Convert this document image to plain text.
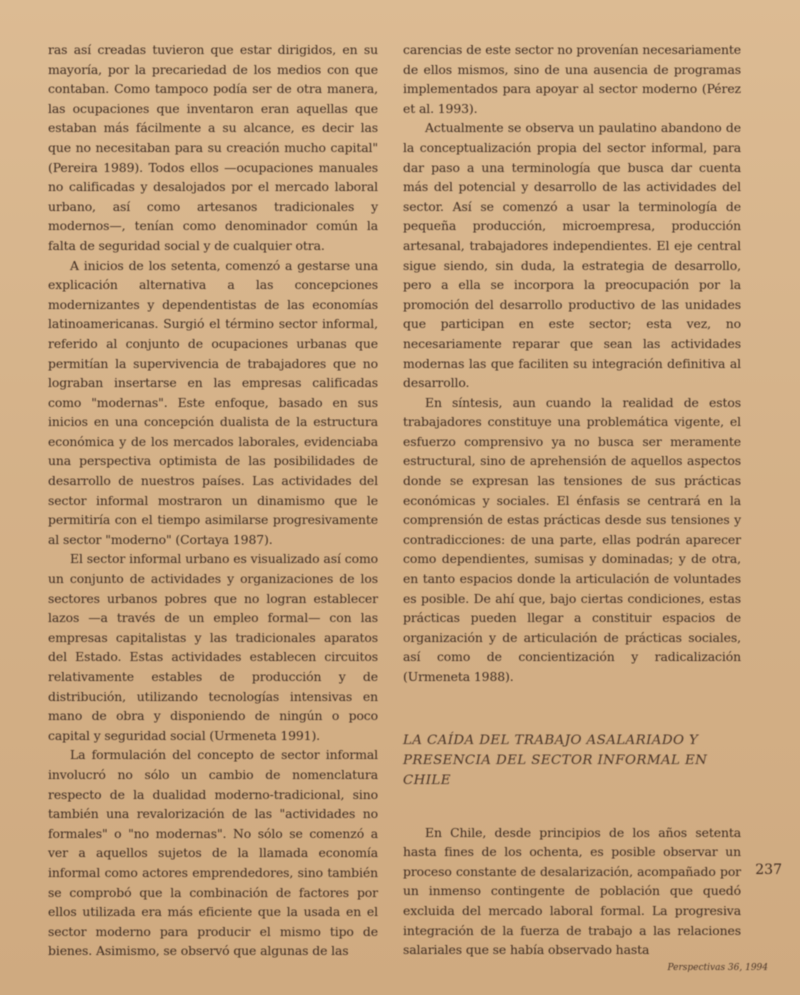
ras así creadas tuvieron que estar dirigidos, en su mayoría, por la precariedad de los medios con que contaban. Como tampoco podía ser de otra manera, las ocupaciones que inventaron eran aquellas que estaban más fácilmente a su alcance, es decir las que no necesitaban para su creación mucho capital" (Pereira 1989). Todos ellos —ocupaciones manuales no calificadas y desalojados por el mercado laboral urbano, así como artesanos tradicionales y modernos—, tenían como denominador común la falta de seguridad social y de cualquier otra.

A inicios de los setenta, comenzó a gestarse una explicación alternativa a las concepciones modernizantes y dependentistas de las economías latinoamericanas. Surgió el término sector informal, referido al conjunto de ocupaciones urbanas que permitían la supervivencia de trabajadores que no lograban insertarse en las empresas calificadas como "modernas". Este enfoque, basado en sus inicios en una concepción dualista de la estructura económica y de los mercados laborales, evidenciaba una perspectiva optimista de las posibilidades de desarrollo de nuestros países. Las actividades del sector informal mostraron un dinamismo que le permitiría con el tiempo asimilarse progresivamente al sector "moderno" (Cortaya 1987).

El sector informal urbano es visualizado así como un conjunto de actividades y organizaciones de los sectores urbanos pobres que no logran establecer lazos —a través de un empleo formal— con las empresas capitalistas y las tradicionales aparatos del Estado. Estas actividades establecen circuitos relativamente estables de producción y de distribución, utilizando tecnologías intensivas en mano de obra y disponiendo de ningún o poco capital y seguridad social (Urmeneta 1991).

La formulación del concepto de sector informal involucró no sólo un cambio de nomenclatura respecto de la dualidad moderno-tradicional, sino también una revalorización de las "actividades no formales" o "no modernas". No sólo se comenzó a ver a aquellos sujetos de la llamada economía informal como actores emprendedores, sino también se comprobó que la combinación de factores por ellos utilizada era más eficiente que la usada en el sector moderno para producir el mismo tipo de bienes. Asimismo, se observó que algunas de las

carencias de este sector no provenían necesariamente de ellos mismos, sino de una ausencia de programas implementados para apoyar al sector moderno (Pérez et al. 1993).

Actualmente se observa un paulatino abandono de la conceptualización propia del sector informal, para dar paso a una terminología que busca dar cuenta más del potencial y desarrollo de las actividades del sector. Así se comenzó a usar la terminología de pequeña producción, microempresa, producción artesanal, trabajadores independientes. El eje central sigue siendo, sin duda, la estrategia de desarrollo, pero a ella se incorpora la preocupación por la promoción del desarrollo productivo de las unidades que participan en este sector; esta vez, no necesariamente reparar que sean las actividades modernas las que faciliten su integración definitiva al desarrollo.

En síntesis, aun cuando la realidad de estos trabajadores constituye una problemática vigente, el esfuerzo comprensivo ya no busca ser meramente estructural, sino de aprehensión de aquellos aspectos donde se expresan las tensiones de sus prácticas económicas y sociales. El énfasis se centrará en la comprensión de estas prácticas desde sus tensiones y contradicciones: de una parte, ellas podrán aparecer como dependientes, sumisas y dominadas; y de otra, en tanto espacios donde la articulación de voluntades es posible. De ahí que, bajo ciertas condiciones, estas prácticas pueden llegar a constituir espacios de organización y de articulación de prácticas sociales, así como de concientización y radicalización (Urmeneta 1988).

LA CAÍDA DEL TRABAJO ASALARIADO Y PRESENCIA DEL SECTOR INFORMAL EN CHILE

En Chile, desde principios de los años setenta hasta fines de los ochenta, es posible observar un proceso constante de desalarización, acompañado por un inmenso contingente de población que quedó excluida del mercado laboral formal. La progresiva integración de la fuerza de trabajo a las relaciones salariales que se había observado hasta

237
Perspectivas 36, 1994
